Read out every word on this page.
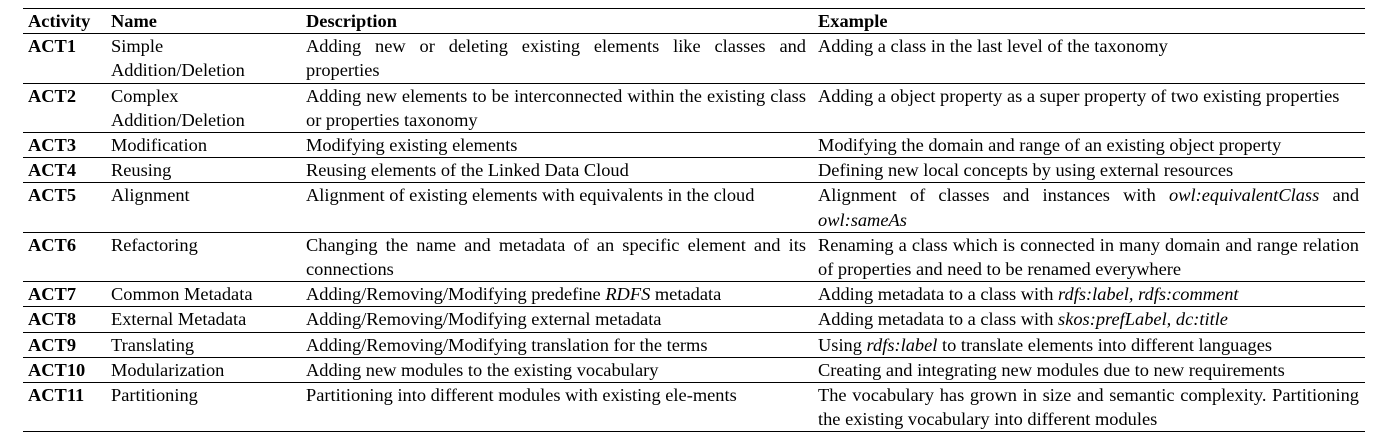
Activity	Name	Description	Example
ACT1	Simple Addition/Deletion	Adding new or deleting existing elements like classes and properties	Adding a class in the last level of the taxonomy
ACT2	Complex Addition/Deletion	Adding new elements to be interconnected within the existing class or properties taxonomy	Adding a object property as a super property of two existing properties
ACT3	Modification	Modifying existing elements	Modifying the domain and range of an existing object property
ACT4	Reusing	Reusing elements of the Linked Data Cloud	Defining new local concepts by using external resources
ACT5	Alignment	Alignment of existing elements with equivalents in the cloud	Alignment of classes and instances with owl:equivalentClass and owl:sameAs
ACT6	Refactoring	Changing the name and metadata of an specific element and its connections	Renaming a class which is connected in many domain and range relation of properties and need to be renamed everywhere
ACT7	Common Metadata	Adding/Removing/Modifying predefine RDFS metadata	Adding metadata to a class with rdfs:label, rdfs:comment
ACT8	External Metadata	Adding/Removing/Modifying external metadata	Adding metadata to a class with skos:prefLabel, dc:title
ACT9	Translating	Adding/Removing/Modifying translation for the terms	Using rdfs:label to translate elements into different languages
ACT10	Modularization	Adding new modules to the existing vocabulary	Creating and integrating new modules due to new requirements
ACT11	Partitioning	Partitioning into different modules with existing ele-ments	The vocabulary has grown in size and semantic complexity. Partitioning the existing vocabulary into different modules
